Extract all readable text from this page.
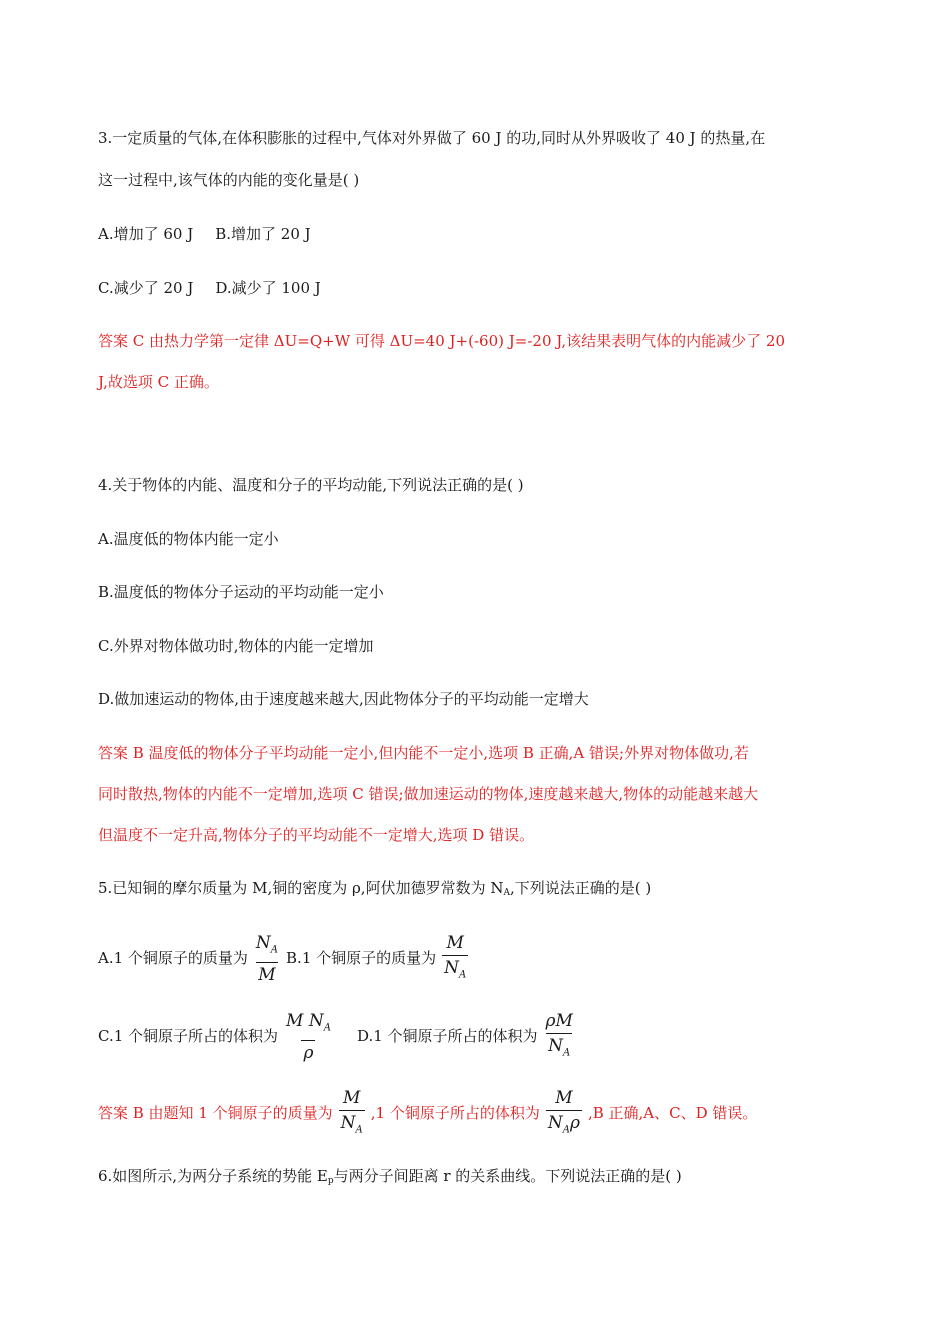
3.一定质量的气体,在体积膨胀的过程中,气体对外界做了 60 J 的功,同时从外界吸收了 40 J 的热量,在
这一过程中,该气体的内能的变化量是( )
A.增加了 60 J B.增加了 20 J
C.减少了 20 J D.减少了 100 J
答案 C 由热力学第一定律 ΔU=Q+W 可得 ΔU=40 J+(-60) J=-20 J,该结果表明气体的内能减少了 20
J,故选项 C 正确。
4.关于物体的内能、温度和分子的平均动能,下列说法正确的是( )
A.温度低的物体内能一定小
B.温度低的物体分子运动的平均动能一定小
C.外界对物体做功时,物体的内能一定增加
D.做加速运动的物体,由于速度越来越大,因此物体分子的平均动能一定增大
答案 B 温度低的物体分子平均动能一定小,但内能不一定小,选项 B 正确,A 错误;外界对物体做功,若
同时散热,物体的内能不一定增加,选项 C 错误;做加速运动的物体,速度越来越大,物体的动能越来越大
但温度不一定升高,物体分子的平均动能不一定增大,选项 D 错误。
5.已知铜的摩尔质量为 M,铜的密度为 ρ,阿伏加德罗常数为 $N_A$,下列说法正确的是( )
A.1 个铜原子的质量为 $\frac{N_A}{M} B.1$ 个铜原子的质量为 $\frac{M}{N_A}$
C.1 个铜原子所占的体积为 $\frac{M N_A}{\rho} D.1$ 个铜原子所占的体积为 $\frac{\rho M}{N_A}$
答案 B 由题知 1 个铜原子的质量为 $\frac{M}{N_A} ,1$ 个铜原子所占的体积为 $\frac{M}{N_A\rho} ,B$ 正确,A、C、D 错误。
6.如图所示,为两分子系统的势能 $E_p$与两分子间距离 r 的关系曲线。下列说法正确的是( )
